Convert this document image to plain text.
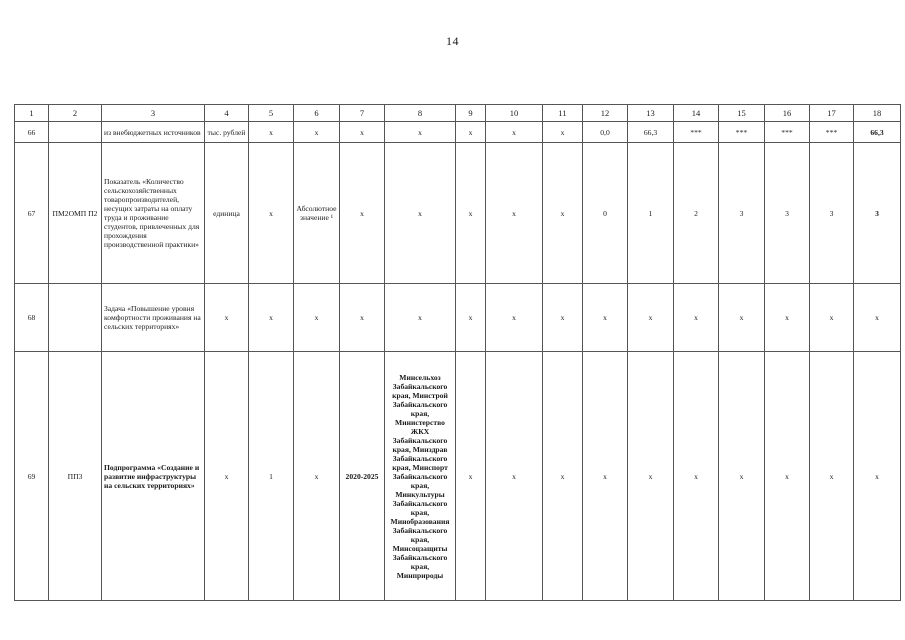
14
1	2	3	4	5	6	7	8	9	10	11	12	13	14	15	16	17	18
66		из внебюджетных источников	тыс. рублей	х	х	х	х	х	х	х	0,0	66,3	***	***	***	***	66,3
67	ПМ2ОМП П2	Показатель «Количество сельскохозяйственных товаропроизводителей, несущих затраты на оплату труда и проживание студентов, привлеченных для прохождения производственной практики»	единица	х	Абсолютное значение ¹	х	х	х	х	х	0	1	2	3	3	3	3
68		Задача «Повышение уровня комфортности проживания на сельских территориях»	х	х	х	х	х	х	х	х	х	х	х	х	х	х	х
69	ПП3	Подпрограмма «Создание и развитие инфраструктуры на сельских территориях»	х	1	х	2020-2025	Минсельхоз Забайкальского края, Минстрой Забайкальского края, Министерство ЖКХ Забайкальского края, Минздрав Забайкальского края, Минспорт Забайкальского края, Минкультуры Забайкальского края, Минобразования Забайкальского края, Минсоцзащиты Забайкальского края, Минприроды	х	х	х	х	х	х	х	х	х	х
